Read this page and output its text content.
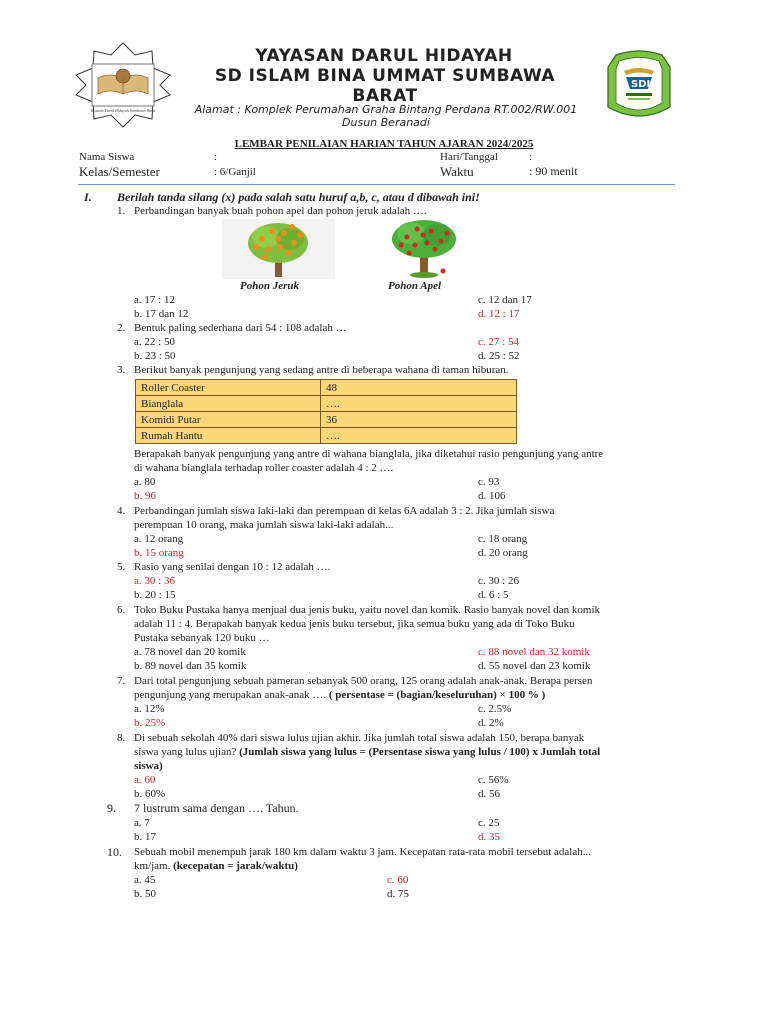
Yayasan Darul Hidayah Sumbawa Barat
YAYASAN DARUL HIDAYAH
SD ISLAM BINA UMMAT SUMBAWA
BARAT
Alamat : Komplek Perumahan Graha Bintang Perdana RT.002/RW.001
Dusun Beranadi
SDI
LEMBAR PENILAIAN HARIAN TAHUN AJARAN 2024/2025
Nama Siswa	:	Hari/Tanggal	:
Kelas/Semester	: 6/Ganjil	Waktu	: 90 menit
I. Berilah tanda silang (x) pada salah satu huruf a,b, c, atau d dibawah ini!
1. Perbandingan banyak buah pohon apel dan pohon jeruk adalah ….
Pohon Jeruk	Pohon Apel
a. 17 : 12	c. 12 dan 17
b. 17 dan 12	d. 12 : 17
2. Bentuk paling sederhana dari 54 : 108 adalah …
a. 22 : 50	c. 27 : 54
b. 23 : 50	d. 25 : 52
3. Berikut banyak pengunjung yang sedang antre di beberapa wahana di taman hiburan.
Roller Coaster	48
Bianglala	….
Komidi Putar	36
Rumah Hantu	….
Berapakah banyak pengunjung yang antre di wahana bianglala, jika diketahui rasio pengunjung yang antre
di wahana bianglala terhadap roller coaster adalah 4 : 2 ….
a. 80	c. 93
b. 96	d. 106
4. Perbandingan jumlah siswa laki-laki dan perempuan di kelas 6A adalah 3 : 2. Jika jumlah siswa
perempuan 10 orang, maka jumlah siswa laki-laki adalah...
a. 12 orang	c. 18 orang
b. 15 orang	d. 20 orang
5. Rasio yang senilai dengan 10 : 12 adalah ….
a. 30 : 36	c. 30 : 26
b. 20 : 15	d. 6 : 5
6. Toko Buku Pustaka hanya menjual dua jenis buku, yaitu novel dan komik. Rasio banyak novel dan komik
adalah 11 : 4. Berapakah banyak kedua jenis buku tersebut, jika semua buku yang ada di Toko Buku
Pustaka sebanyak 120 buku …
a. 78 novel dan 20 komik	c. 88 novel dan 32 komik
b. 89 novel dan 35 komik	d. 55 novel dan 23 komik
7. Dari total pengunjung sebuah pameran sebanyak 500 orang, 125 orang adalah anak-anak. Berapa persen
pengunjung yang merupakan anak-anak …. ( persentase = (bagian/keseluruhan) × 100 % )
a. 12%	c. 2.5%
b. 25%	d. 2%
8. Di sebuah sekolah 40% dari siswa lulus ujian akhir. Jika jumlah total siswa adalah 150, berapa banyak
siswa yang lulus ujian? (Jumlah siswa yang lulus = (Persentase siswa yang lulus / 100) x Jumlah total
siswa)
a. 60	c. 56%
b. 60%	d. 56
9. 7 lustrum sama dengan …. Tahun.
a. 7	c. 25
b. 17	d. 35
10. Sebuah mobil menempuh jarak 180 km dalam waktu 3 jam. Kecepatan rata-rata mobil tersebut adalah...
km/jam. (kecepatan = jarak/waktu)
a. 45	c. 60
b. 50	d. 75
